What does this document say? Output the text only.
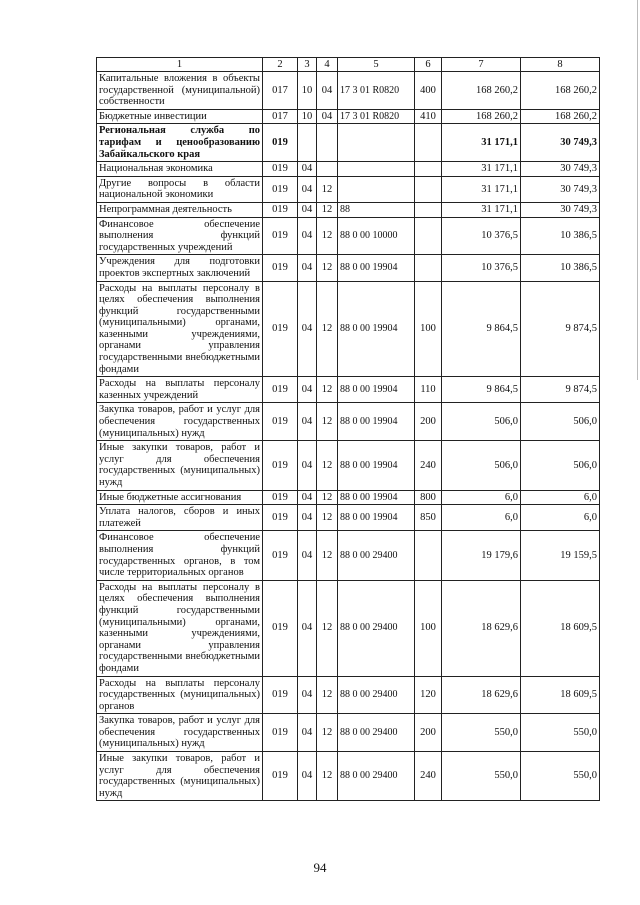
1	2	3	4	5	6	7	8
Капитальные вложения в объекты государственной (муниципальной) собственности	017	10	04	17 3 01 R0820	400	168 260,2	168 260,2
Бюджетные инвестиции	017	10	04	17 3 01 R0820	410	168 260,2	168 260,2
Региональная служба по тарифам и ценообразованию Забайкальского края	019					31 171,1	30 749,3
Национальная экономика	019	04				31 171,1	30 749,3
Другие вопросы в области национальной экономики	019	04	12			31 171,1	30 749,3
Непрограммная деятельность	019	04	12	88		31 171,1	30 749,3
Финансовое обеспечение выполнения функций государственных учреждений	019	04	12	88 0 00 10000		10 376,5	10 386,5
Учреждения для подготовки проектов экспертных заключений	019	04	12	88 0 00 19904		10 376,5	10 386,5
Расходы на выплаты персоналу в целях обеспечения выполнения функций государственными (муниципальными) органами, казенными учреждениями, органами управления государственными внебюджетными фондами	019	04	12	88 0 00 19904	100	9 864,5	9 874,5
Расходы на выплаты персоналу казенных учреждений	019	04	12	88 0 00 19904	110	9 864,5	9 874,5
Закупка товаров, работ и услуг для обеспечения государственных (муниципальных) нужд	019	04	12	88 0 00 19904	200	506,0	506,0
Иные закупки товаров, работ и услуг для обеспечения государственных (муниципальных) нужд	019	04	12	88 0 00 19904	240	506,0	506,0
Иные бюджетные ассигнования	019	04	12	88 0 00 19904	800	6,0	6,0
Уплата налогов, сборов и иных платежей	019	04	12	88 0 00 19904	850	6,0	6,0
Финансовое обеспечение выполнения функций государственных органов, в том числе территориальных органов	019	04	12	88 0 00 29400		19 179,6	19 159,5
Расходы на выплаты персоналу в целях обеспечения выполнения функций государственными (муниципальными) органами, казенными учреждениями, органами управления государственными внебюджетными фондами	019	04	12	88 0 00 29400	100	18 629,6	18 609,5
Расходы на выплаты персоналу государственных (муниципальных) органов	019	04	12	88 0 00 29400	120	18 629,6	18 609,5
Закупка товаров, работ и услуг для обеспечения государственных (муниципальных) нужд	019	04	12	88 0 00 29400	200	550,0	550,0
Иные закупки товаров, работ и услуг для обеспечения государственных (муниципальных) нужд	019	04	12	88 0 00 29400	240	550,0	550,0
94
